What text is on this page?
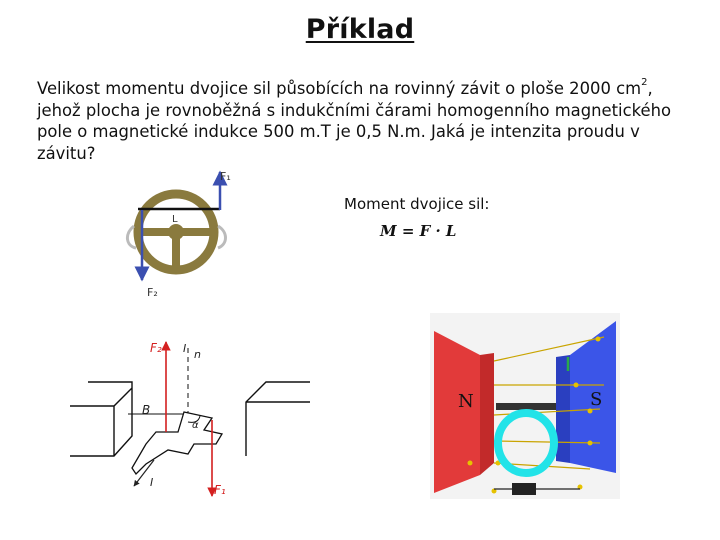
Příklad
Velikost momentu dvojice sil působících na rovinný závit o ploše 2000 $cm^2$, jehož plocha je rovnoběžná s indukčními čárami homogenního magnetického pole o magnetické indukce 500 m.T je 0,5 N.m. Jaká je intenzita proudu v závitu?
Moment dvojice sil:
M = F · L
F₁
L
F₂
F₂
F₁
B
n
I
I
α
N	S
